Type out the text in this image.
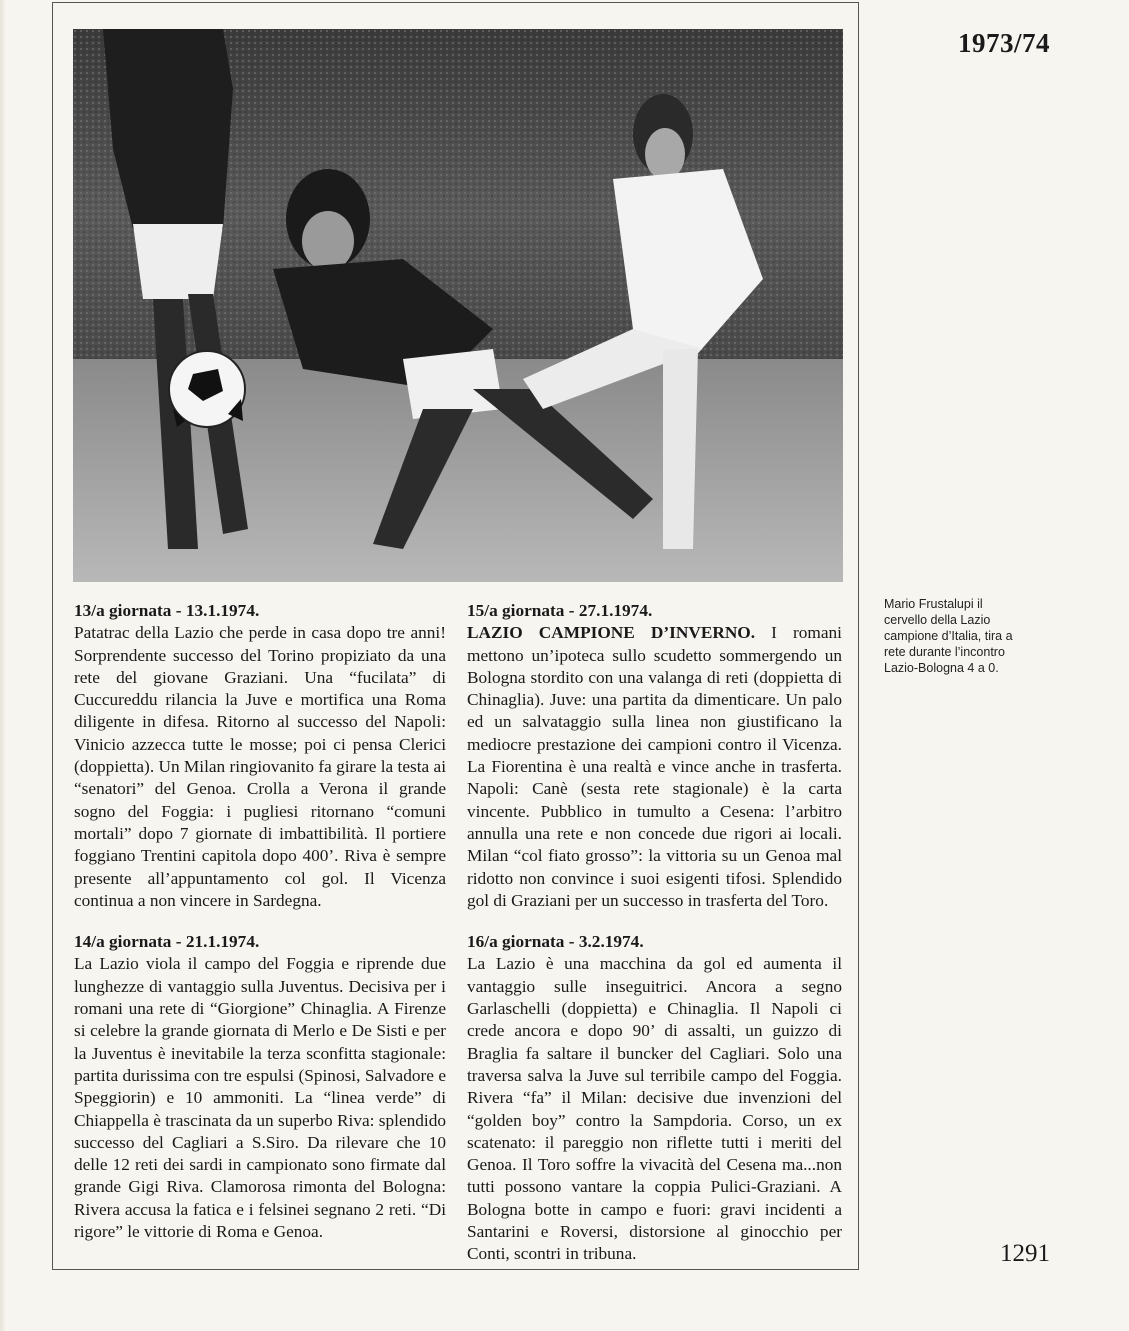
1973/74
Mario Frustalupi il
cervello della Lazio
campione d’Italia, tira a
rete durante l’incontro
Lazio-Bologna 4 a 0.
13/a giornata - 13.1.1974.
Patatrac della Lazio che perde in casa dopo tre anni! Sorprendente successo del Torino propiziato da una rete del giovane Graziani. Una “fucilata” di Cuccureddu rilancia la Juve e mortifica una Roma diligente in difesa. Ritorno al successo del Napoli: Vinicio azzecca tutte le mosse; poi ci pensa Clerici (doppietta). Un Milan ringiovanito fa girare la testa ai “senatori” del Genoa. Crolla a Verona il grande sogno del Foggia: i pugliesi ritornano “comuni mortali” dopo 7 giornate di imbattibilità. Il portiere foggiano Trentini capitola dopo 400’. Riva è sempre presente all’appuntamento col gol. Il Vicenza continua a non vincere in Sardegna.
14/a giornata - 21.1.1974.
La Lazio viola il campo del Foggia e riprende due lunghezze di vantaggio sulla Juventus. Decisiva per i romani una rete di “Giorgione” Chinaglia. A Firenze si celebre la grande giornata di Merlo e De Sisti e per la Juventus è inevitabile la terza sconfitta stagionale: partita durissima con tre espulsi (Spinosi, Salvadore e Speggiorin) e 10 ammoniti. La “linea verde” di Chiappella è trascinata da un superbo Riva: splendido successo del Cagliari a S.Siro. Da rilevare che 10 delle 12 reti dei sardi in campionato sono firmate dal grande Gigi Riva. Clamorosa rimonta del Bologna: Rivera accusa la fatica e i felsinei segnano 2 reti. “Di rigore” le vittorie di Roma e Genoa.
15/a giornata - 27.1.1974.
LAZIO CAMPIONE D’INVERNO. I romani mettono un’ipoteca sullo scudetto sommergendo un Bologna stordito con una valanga di reti (doppietta di Chinaglia). Juve: una partita da dimenticare. Un palo ed un salvataggio sulla linea non giustificano la mediocre prestazione dei campioni contro il Vicenza. La Fiorentina è una realtà e vince anche in trasferta. Napoli: Canè (sesta rete stagionale) è la carta vincente. Pubblico in tumulto a Cesena: l’arbitro annulla una rete e non concede due rigori ai locali. Milan “col fiato grosso”: la vittoria su un Genoa mal ridotto non convince i suoi esigenti tifosi. Splendido gol di Graziani per un successo in trasferta del Toro.
16/a giornata - 3.2.1974.
La Lazio è una macchina da gol ed aumenta il vantaggio sulle inseguitrici. Ancora a segno Garlaschelli (doppietta) e Chinaglia. Il Napoli ci crede ancora e dopo 90’ di assalti, un guizzo di Braglia fa saltare il buncker del Cagliari. Solo una traversa salva la Juve sul terribile campo del Foggia. Rivera “fa” il Milan: decisive due invenzioni del “golden boy” contro la Sampdoria. Corso, un ex scatenato: il pareggio non riflette tutti i meriti del Genoa. Il Toro soffre la vivacità del Cesena ma...non tutti possono vantare la coppia Pulici-Graziani. A Bologna botte in campo e fuori: gravi incidenti a Santarini e Roversi, distorsione al ginocchio per Conti, scontri in tribuna.	1291
